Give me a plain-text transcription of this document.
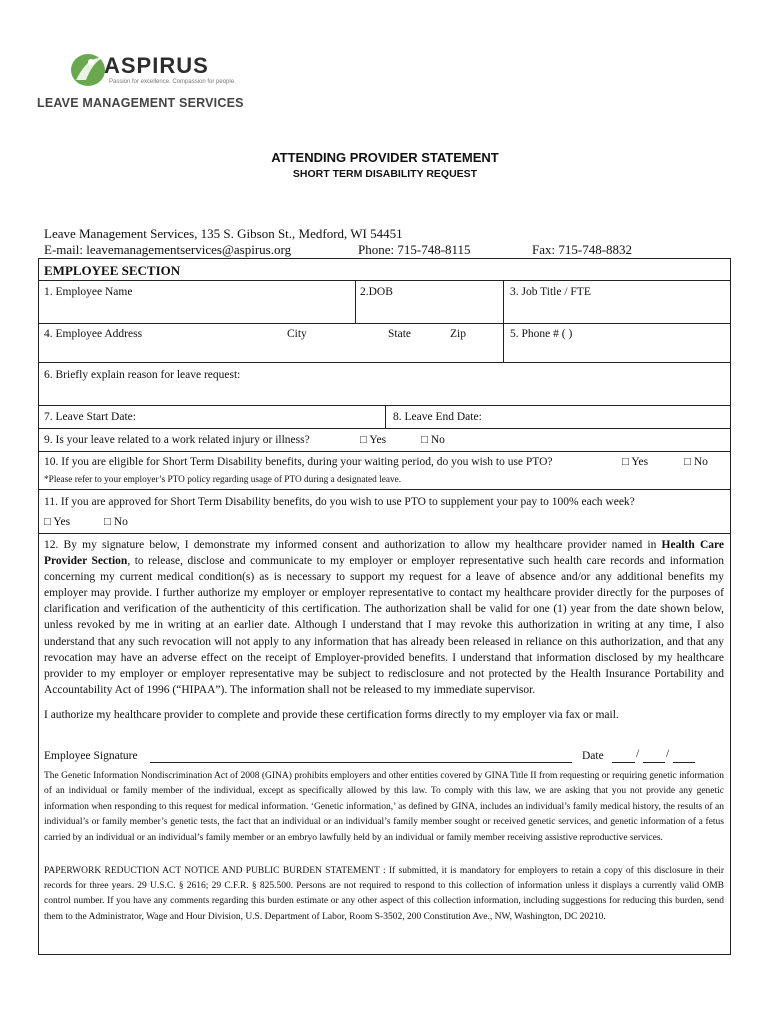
ASPIRUS
Passion for excellence. Compassion for people.
LEAVE MANAGEMENT SERVICES
ATTENDING PROVIDER STATEMENT
SHORT TERM DISABILITY REQUEST
Leave Management Services, 135 S. Gibson St., Medford, WI 54451
E-mail: leavemanagementservices@aspirus.org	Phone: 715-748-8115	Fax: 715-748-8832
EMPLOYEE SECTION
1. Employee Name	2.DOB	3. Job Title / FTE
4. Employee Address	City	State	Zip	5. Phone # ( )
6. Briefly explain reason for leave request:
7. Leave Start Date:	8. Leave End Date:
9. Is your leave related to a work related injury or illness?	□ Yes	□ No
10. If you are eligible for Short Term Disability benefits, during your waiting period, do you wish to use PTO?	□ Yes	□ No
*Please refer to your employer’s PTO policy regarding usage of PTO during a designated leave.
11. If you are approved for Short Term Disability benefits, do you wish to use PTO to supplement your pay to 100% each week?
□ Yes	□ No
12. By my signature below, I demonstrate my informed consent and authorization to allow my healthcare provider named in Health Care Provider Section, to release, disclose and communicate to my employer or employer representative such health care records and information concerning my current medical condition(s) as is necessary to support my request for a leave of absence and/or any additional benefits my employer may provide. I further authorize my employer or employer representative to contact my healthcare provider directly for the purposes of clarification and verification of the authenticity of this certification. The authorization shall be valid for one (1) year from the date shown below, unless revoked by me in writing at an earlier date. Although I understand that I may revoke this authorization in writing at any time, I also understand that any such revocation will not apply to any information that has already been released in reliance on this authorization, and that any revocation may have an adverse effect on the receipt of Employer-provided benefits. I understand that information disclosed by my healthcare provider to my employer or employer representative may be subject to redisclosure and not protected by the Health Insurance Portability and Accountability Act of 1996 (“HIPAA”). The information shall not be released to my immediate supervisor.
I authorize my healthcare provider to complete and provide these certification forms directly to my employer via fax or mail.
Employee Signature	Date	/ /
The Genetic Information Nondiscrimination Act of 2008 (GINA) prohibits employers and other entities covered by GINA Title II from requesting or requiring genetic information of an individual or family member of the individual, except as specifically allowed by this law. To comply with this law, we are asking that you not provide any genetic information when responding to this request for medical information. ‘Genetic information,’ as defined by GINA, includes an individual’s family medical history, the results of an individual’s or family member’s genetic tests, the fact that an individual or an individual’s family member sought or received genetic services, and genetic information of a fetus carried by an individual or an individual’s family member or an embryo lawfully held by an individual or family member receiving assistive reproductive services.
PAPERWORK REDUCTION ACT NOTICE AND PUBLIC BURDEN STATEMENT : If submitted, it is mandatory for employers to retain a copy of this disclosure in their records for three years. 29 U.S.C. § 2616; 29 C.F.R. § 825.500. Persons are not required to respond to this collection of information unless it displays a currently valid OMB control number. If you have any comments regarding this burden estimate or any other aspect of this collection information, including suggestions for reducing this burden, send them to the Administrator, Wage and Hour Division, U.S. Department of Labor, Room S-3502, 200 Constitution Ave., NW, Washington, DC 20210.
